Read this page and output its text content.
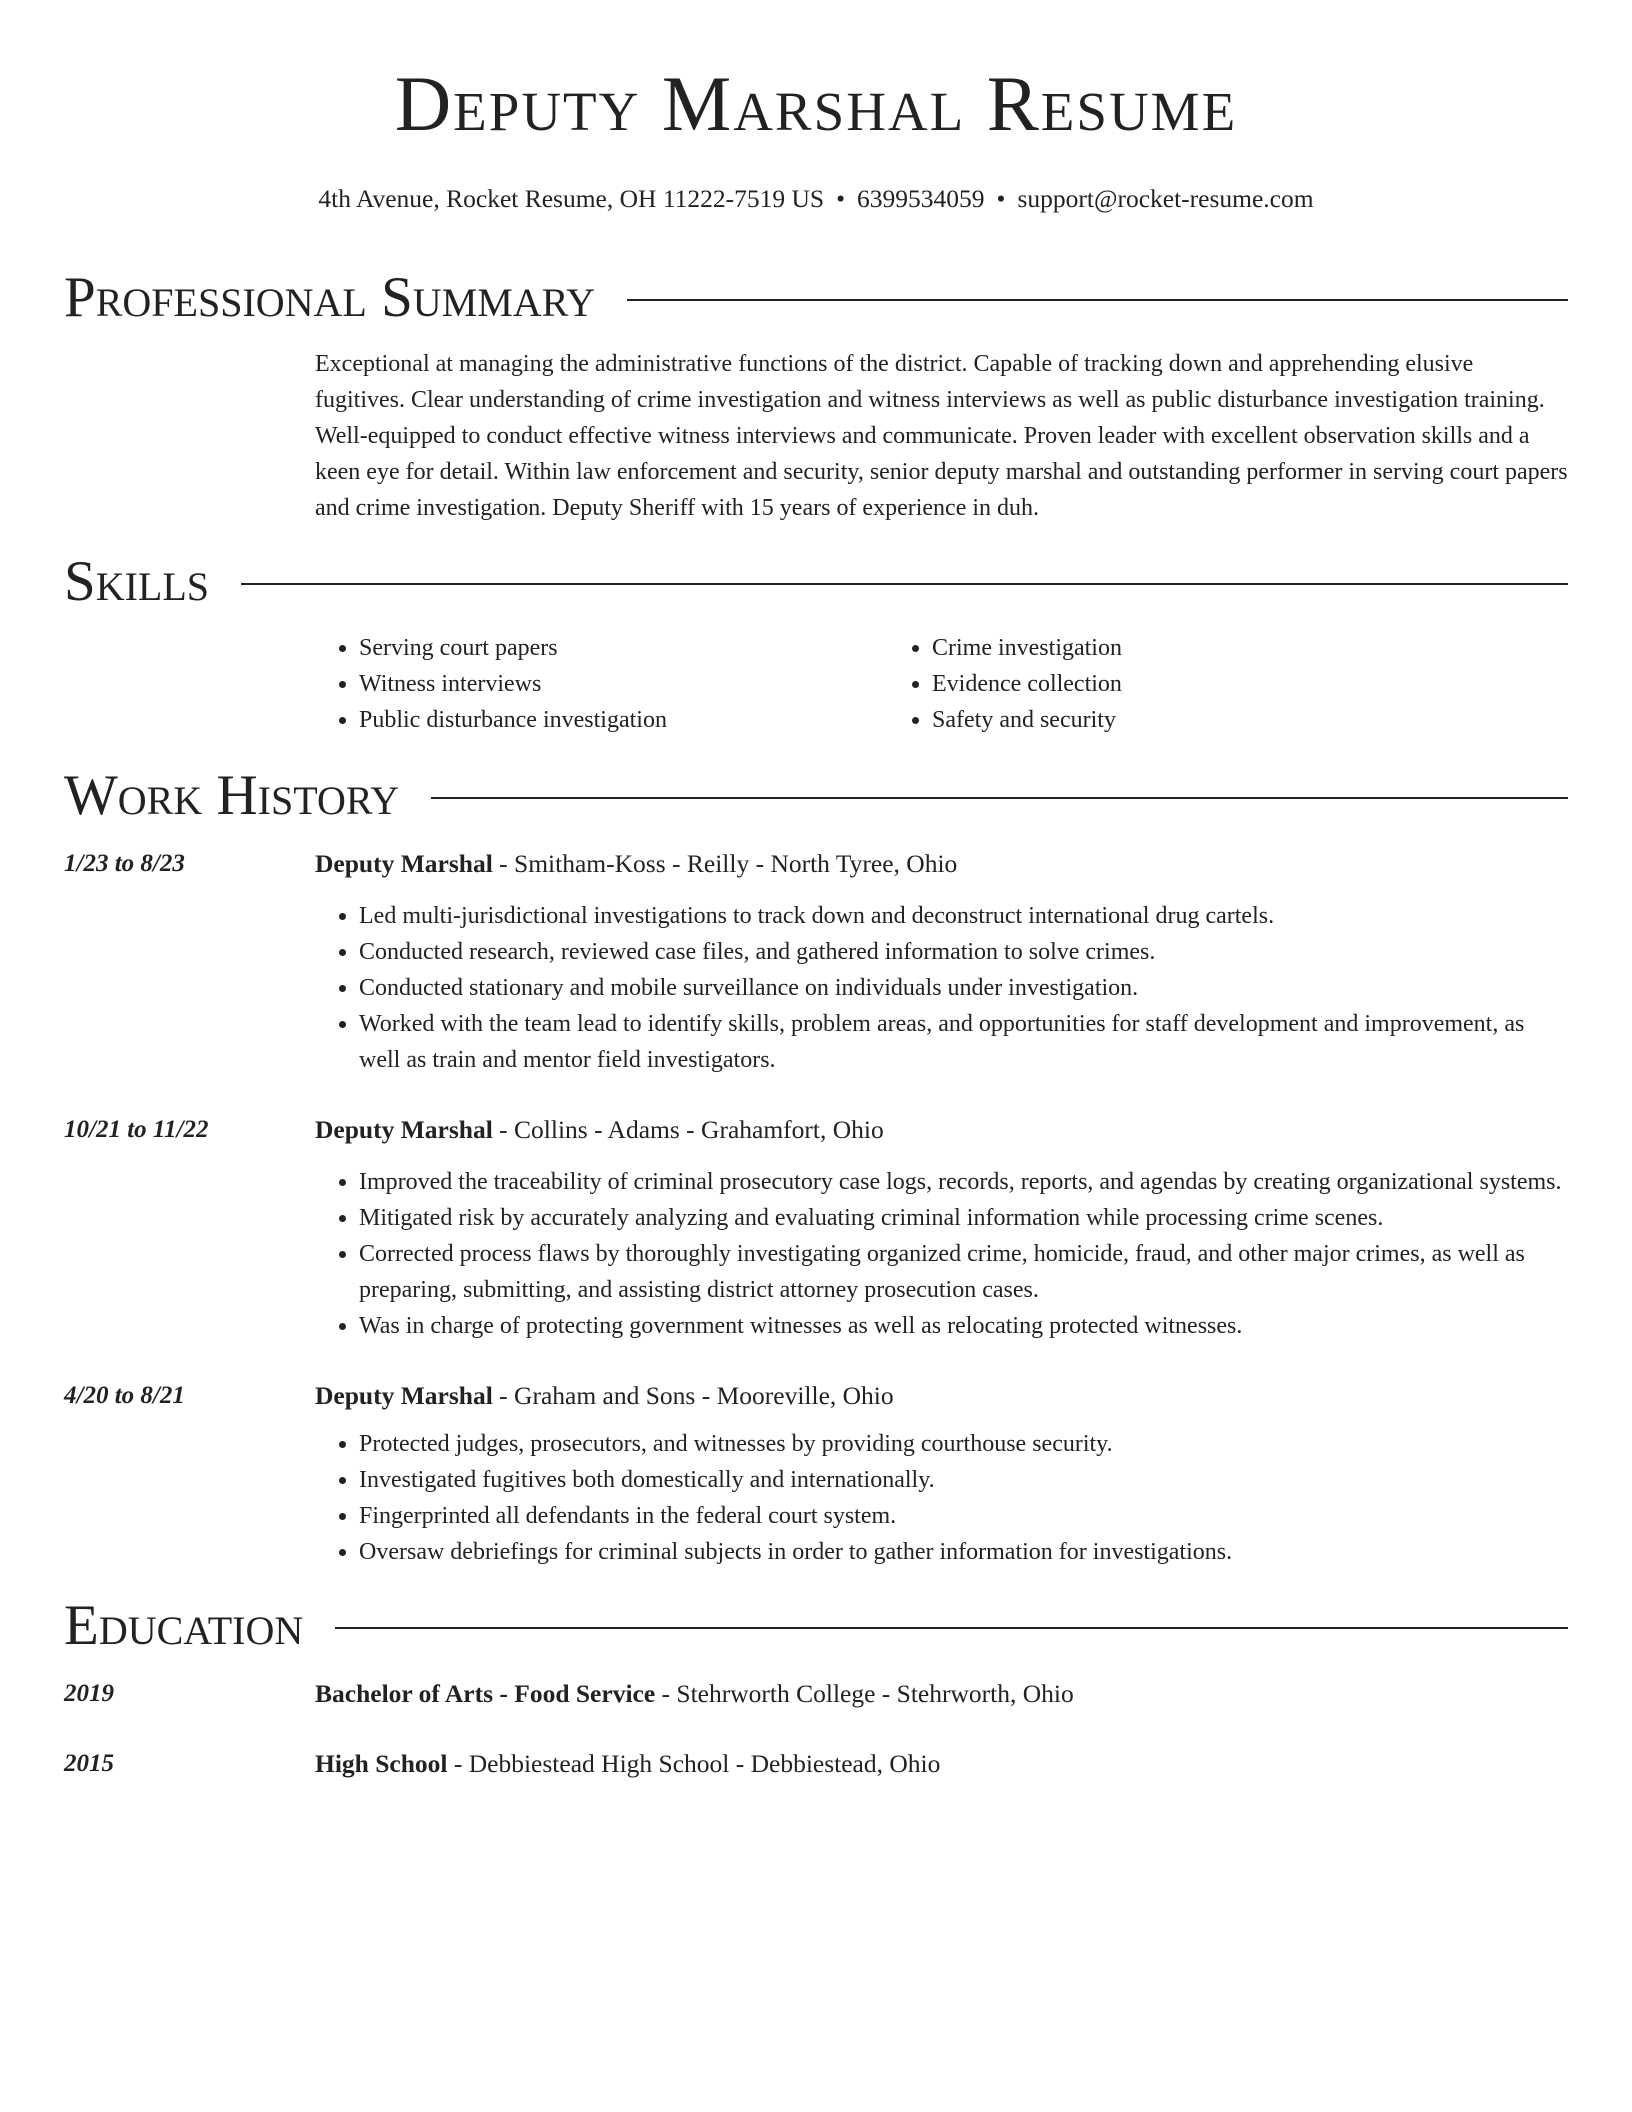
Deputy Marshal Resume
4th Avenue, Rocket Resume, OH 11222-7519 US • 6399534059 • support@rocket-resume.com
Professional Summary

Exceptional at managing the administrative functions of the district. Capable of tracking down and apprehending elusive fugitives. Clear understanding of crime investigation and witness interviews as well as public disturbance investigation training. Well-equipped to conduct effective witness interviews and communicate. Proven leader with excellent observation skills and a keen eye for detail. Within law enforcement and security, senior deputy marshal and outstanding performer in serving court papers and crime investigation. Deputy Sheriff with 15 years of experience in duh.

Skills
• Serving court papers
• Witness interviews
• Public disturbance investigation
• Crime investigation
• Evidence collection
• Safety and security
Work History
1/23 to 8/23	Deputy Marshal - Smitham-Koss - Reilly - North Tyree, Ohio
• Led multi-jurisdictional investigations to track down and deconstruct international drug cartels.
• Conducted research, reviewed case files, and gathered information to solve crimes.
• Conducted stationary and mobile surveillance on individuals under investigation.
• Worked with the team lead to identify skills, problem areas, and opportunities for staff development and improvement, as well as train and mentor field investigators.
10/21 to 11/22	Deputy Marshal - Collins - Adams - Grahamfort, Ohio
• Improved the traceability of criminal prosecutory case logs, records, reports, and agendas by creating organizational systems.
• Mitigated risk by accurately analyzing and evaluating criminal information while processing crime scenes.
• Corrected process flaws by thoroughly investigating organized crime, homicide, fraud, and other major crimes, as well as preparing, submitting, and assisting district attorney prosecution cases.
• Was in charge of protecting government witnesses as well as relocating protected witnesses.
4/20 to 8/21	Deputy Marshal - Graham and Sons - Mooreville, Ohio
• Protected judges, prosecutors, and witnesses by providing courthouse security.
• Investigated fugitives both domestically and internationally.
• Fingerprinted all defendants in the federal court system.
• Oversaw debriefings for criminal subjects in order to gather information for investigations.
Education
2019	Bachelor of Arts - Food Service - Stehrworth College - Stehrworth, Ohio
2015	High School - Debbiestead High School - Debbiestead, Ohio
